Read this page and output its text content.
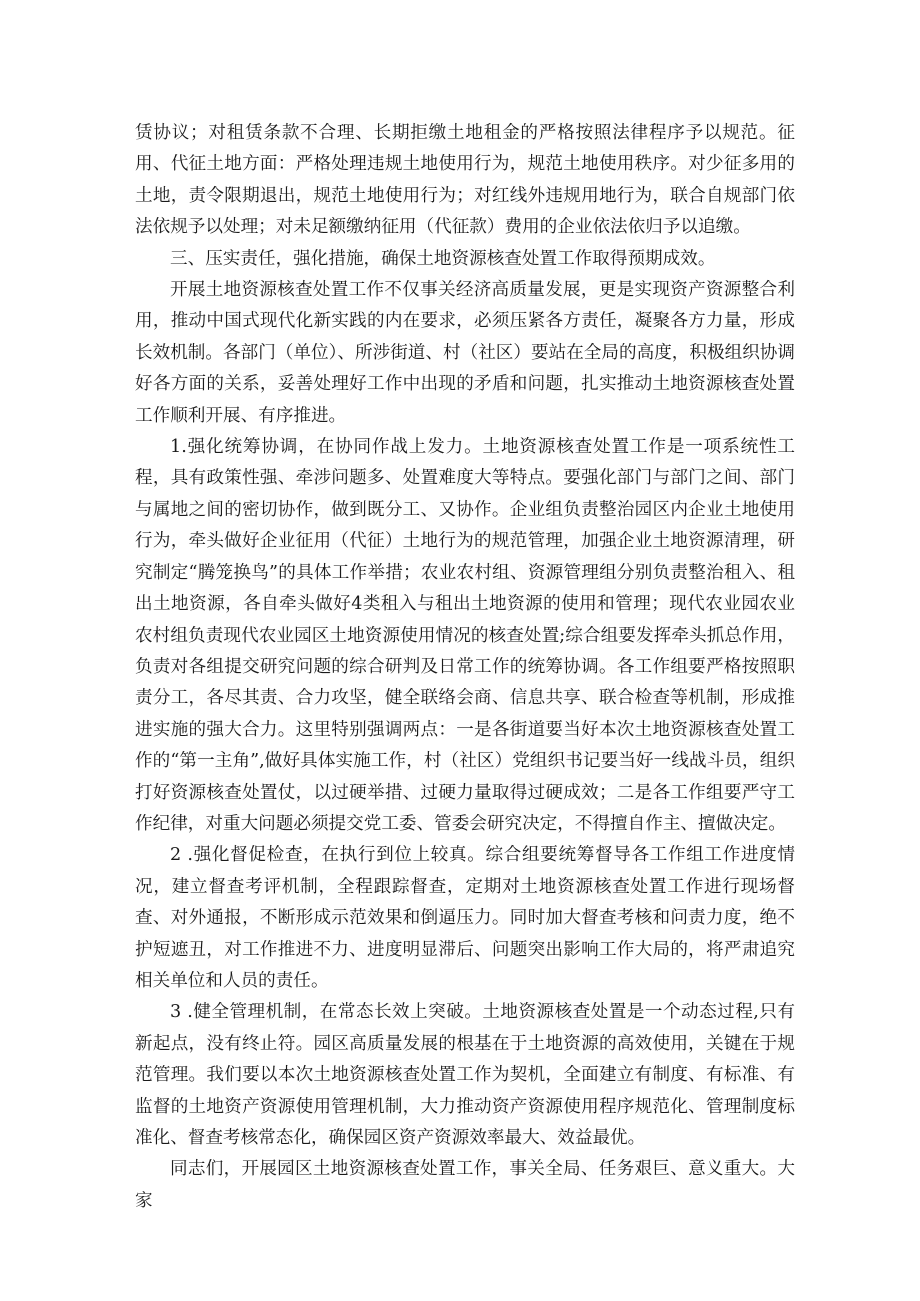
赁协议；对租赁条款不合理、长期拒缴土地租金的严格按照法律程序予以规范。征用、代征土地方面：严格处理违规土地使用行为，规范土地使用秩序。对少征多用的土地，责令限期退出，规范土地使用行为；对红线外违规用地行为，联合自规部门依法依规予以处理；对未足额缴纳征用（代征款）费用的企业依法依归予以追缴。

三、压实责任，强化措施，确保土地资源核查处置工作取得预期成效。

开展土地资源核查处置工作不仅事关经济高质量发展，更是实现资产资源整合利用，推动中国式现代化新实践的内在要求，必须压紧各方责任，凝聚各方力量，形成长效机制。各部门（单位）、所涉街道、村（社区）要站在全局的高度，积极组织协调好各方面的关系，妥善处理好工作中出现的矛盾和问题，扎实推动土地资源核查处置工作顺利开展、有序推进。

1.强化统筹协调，在协同作战上发力。土地资源核查处置工作是一项系统性工程，具有政策性强、牵涉问题多、处置难度大等特点。要强化部门与部门之间、部门与属地之间的密切协作，做到既分工、又协作。企业组负责整治园区内企业土地使用行为，牵头做好企业征用（代征）土地行为的规范管理，加强企业土地资源清理，研究制定“腾笼换鸟”的具体工作举措；农业农村组、资源管理组分别负责整治租入、租出土地资源，各自牵头做好4类租入与租出土地资源的使用和管理；现代农业园农业农村组负责现代农业园区土地资源使用情况的核查处置;综合组要发挥牵头抓总作用，负责对各组提交研究问题的综合研判及日常工作的统筹协调。各工作组要严格按照职责分工，各尽其责、合力攻坚，健全联络会商、信息共享、联合检查等机制，形成推进实施的强大合力。这里特别强调两点：一是各街道要当好本次土地资源核查处置工作的“第一主角”,做好具体实施工作，村（社区）党组织书记要当好一线战斗员，组织打好资源核查处置仗，以过硬举措、过硬力量取得过硬成效；二是各工作组要严守工作纪律，对重大问题必须提交党工委、管委会研究决定，不得擅自作主、擅做决定。

2 .强化督促检查，在执行到位上较真。综合组要统筹督导各工作组工作进度情况，建立督查考评机制，全程跟踪督查，定期对土地资源核查处置工作进行现场督查、对外通报，不断形成示范效果和倒逼压力。同时加大督查考核和问责力度，绝不护短遮丑，对工作推进不力、进度明显滞后、问题突出影响工作大局的，将严肃追究相关单位和人员的责任。

3 .健全管理机制，在常态长效上突破。土地资源核查处置是一个动态过程,只有新起点，没有终止符。园区高质量发展的根基在于土地资源的高效使用，关键在于规范管理。我们要以本次土地资源核查处置工作为契机，全面建立有制度、有标准、有监督的土地资产资源使用管理机制，大力推动资产资源使用程序规范化、管理制度标准化、督查考核常态化，确保园区资产资源效率最大、效益最优。

同志们，开展园区土地资源核查处置工作，事关全局、任务艰巨、意义重大。大家
